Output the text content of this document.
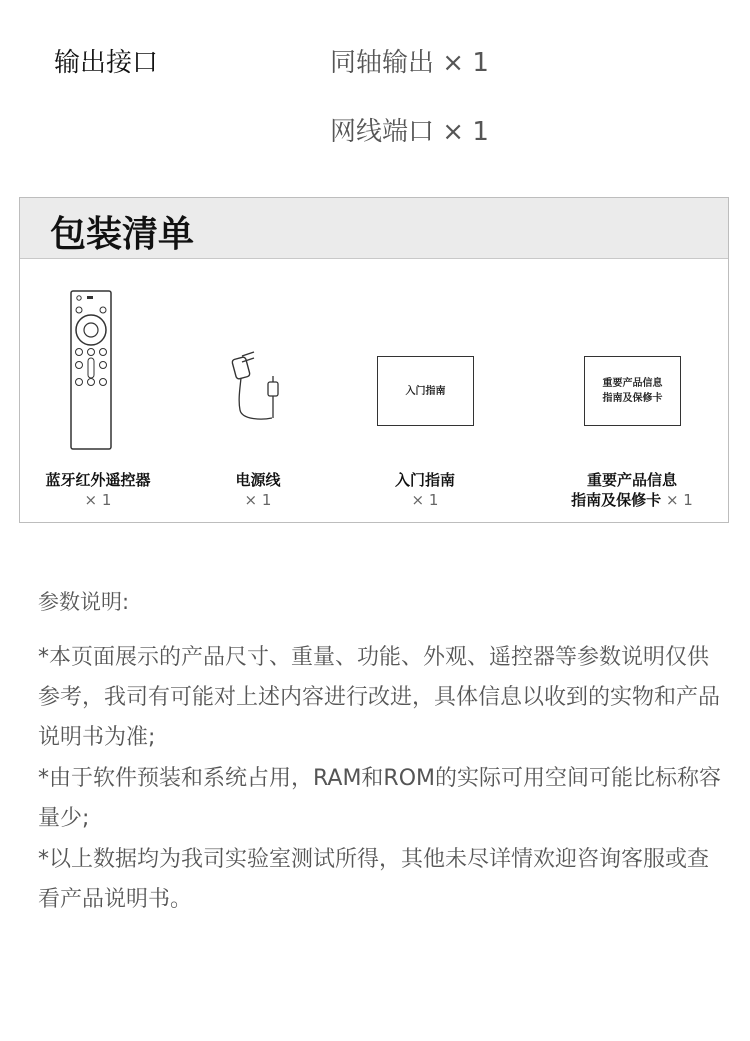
输出接口	同轴输出 × 1
网线端口 × 1
包装清单
蓝牙红外遥控器
× 1
电源线
× 1
入门指南
入门指南
× 1
重要产品信息
指南及保修卡
重要产品信息
指南及保修卡 × 1
参数说明:
*本页面展示的产品尺寸、重量、功能、外观、遥控器等参数说明仅供参考，我司有可能对上述内容进行改进，具体信息以收到的实物和产品说明书为准;
*由于软件预装和系统占用，RAM和ROM的实际可用空间可能比标称容量少;
*以上数据均为我司实验室测试所得，其他未尽详情欢迎咨询客服或查看产品说明书。
